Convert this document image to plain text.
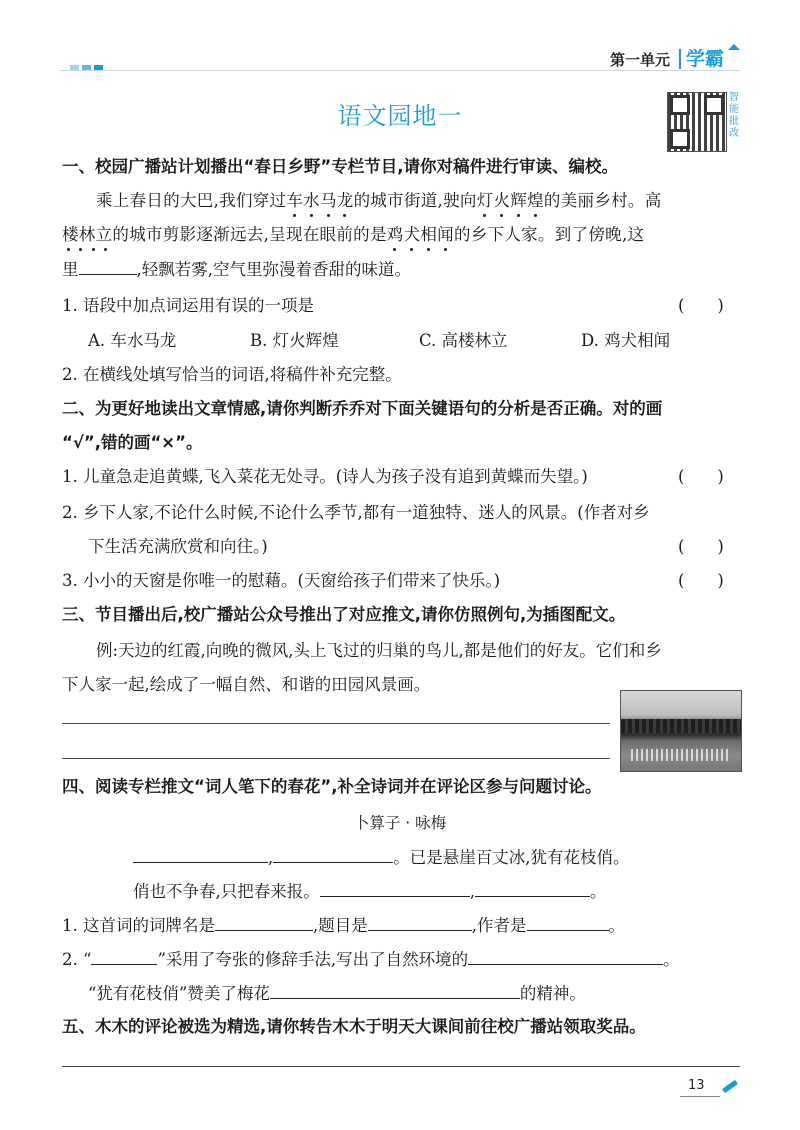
第一单元 学霸
智能批改
语文园地一
一、校园广播站计划播出“春日乡野”专栏节目,请你对稿件进行审读、编校。
乘上春日的大巴,我们穿过车水马龙
的城市街道,驶向灯火辉煌
的美丽乡村。高
楼林立
的城市剪影逐渐远去,呈现在眼前的是鸡犬相闻
的乡下人家。到了傍晚,这
里	,轻飘若雾,空气里弥漫着香甜的味道。
1. 语段中加点词运用有误的一项是	(　　)
A. 车水马龙	B. 灯火辉煌	C. 高楼林立	D. 鸡犬相闻
2. 在横线处填写恰当的词语,将稿件补充完整。
二、为更好地读出文章情感,请你判断乔乔对下面关键语句的分析是否正确。对的画
“√”,错的画“×”。
1. 儿童急走追黄蝶,飞入菜花无处寻。(诗人为孩子没有追到黄蝶而失望。)	(　　)
2. 乡下人家,不论什么时候,不论什么季节,都有一道独特、迷人的风景。(作者对乡
下生活充满欣赏和向往。)	(　　)
3. 小小的天窗是你唯一的慰藉。(天窗给孩子们带来了快乐。)	(　　)
三、节目播出后,校广播站公众号推出了对应推文,请你仿照例句,为插图配文。
例:天边的红霞,向晚的微风,头上飞过的归巢的鸟儿,都是他们的好友。它们和乡
下人家一起,绘成了一幅自然、和谐的田园风景画。
四、阅读专栏推文“词人笔下的春花”,补全诗词并在评论区参与问题讨论。
卜算子 · 咏梅
,	。已是悬崖百丈冰,犹有花枝俏。
俏也不争春,只把春来报。	,	。
1. 这首词的词牌名是	,题目是	,作者是	。
2. “	”采用了夸张的修辞手法,写出了自然环境的	。
“犹有花枝俏”赞美了梅花	的精神。
五、木木的评论被选为精选,请你转告木木于明天大课间前往校广播站领取奖品。
13
